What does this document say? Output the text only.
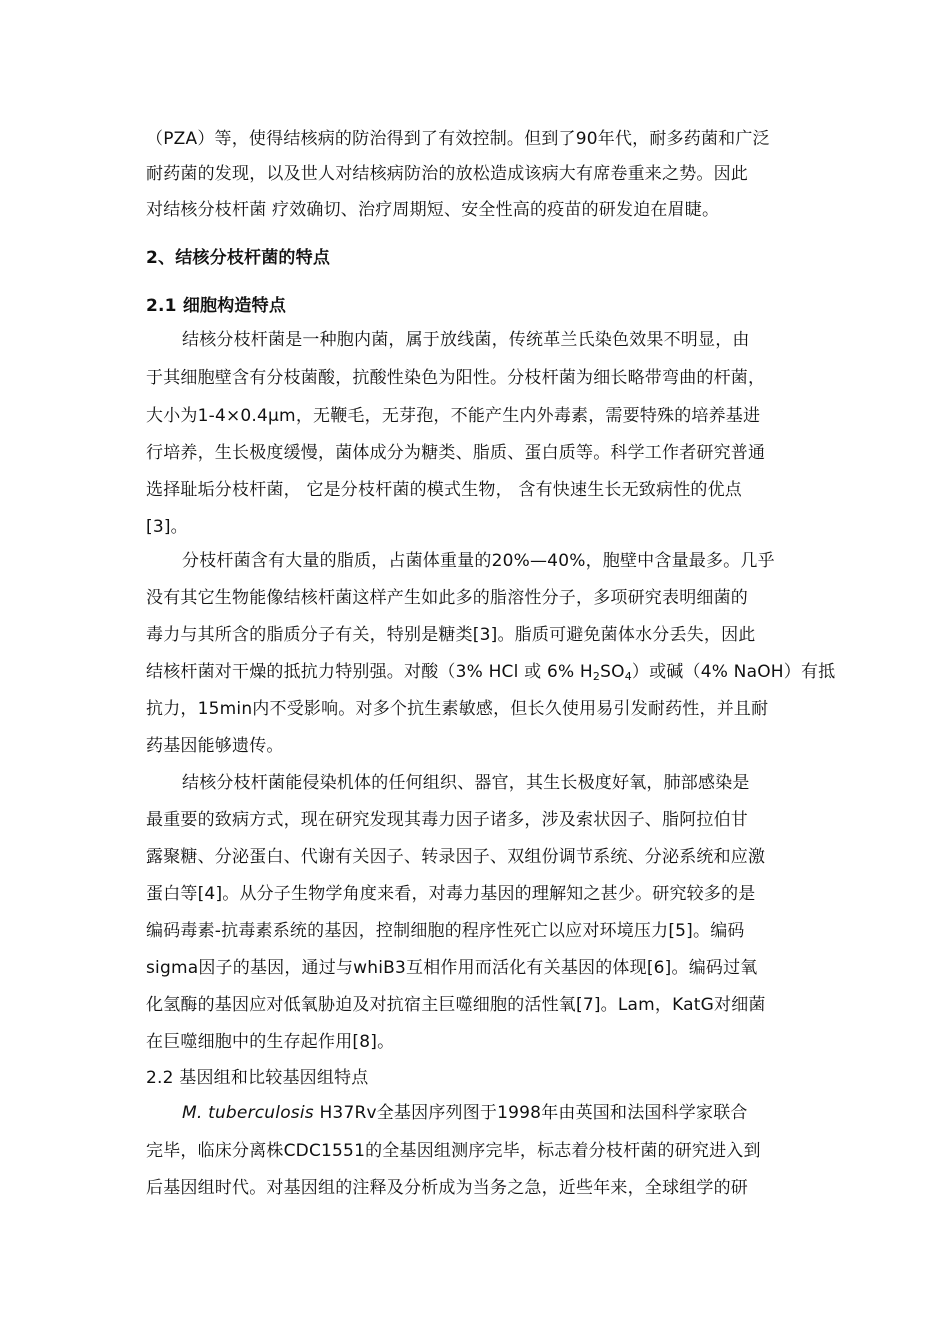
（PZA）等，使得结核病的防治得到了有效控制。但到了90年代，耐多药菌和广泛
耐药菌的发现，以及世人对结核病防治的放松造成该病大有席卷重来之势。因此
对结核分枝杆菌 疗效确切、治疗周期短、安全性高的疫苗的研发迫在眉睫。
2、结核分枝杆菌的特点
2.1 细胞构造特点
结核分枝杆菌是一种胞内菌，属于放线菌，传统革兰氏染色效果不明显，由
于其细胞壁含有分枝菌酸，抗酸性染色为阳性。分枝杆菌为细长略带弯曲的杆菌，
大小为1-4×0.4μm，无鞭毛，无芽孢，不能产生内外毒素，需要特殊的培养基进
行培养，生长极度缓慢，菌体成分为糖类、脂质、蛋白质等。科学工作者研究普通
选择耻垢分枝杆菌， 它是分枝杆菌的模式生物， 含有快速生长无致病性的优点
[3]。
分枝杆菌含有大量的脂质，占菌体重量的20%—40%，胞壁中含量最多。几乎
没有其它生物能像结核杆菌这样产生如此多的脂溶性分子，多项研究表明细菌的
毒力与其所含的脂质分子有关，特别是糖类[3]。脂质可避免菌体水分丢失，因此
结核杆菌对干燥的抵抗力特别强。对酸（3% HCl 或 6% $H_2SO_4$）或碱（4% NaOH）有抵
抗力，15min内不受影响。对多个抗生素敏感，但长久使用易引发耐药性，并且耐
药基因能够遗传。
结核分枝杆菌能侵染机体的任何组织、器官，其生长极度好氧，肺部感染是
最重要的致病方式，现在研究发现其毒力因子诸多，涉及索状因子、脂阿拉伯甘
露聚糖、分泌蛋白、代谢有关因子、转录因子、双组份调节系统、分泌系统和应激
蛋白等[4]。从分子生物学角度来看，对毒力基因的理解知之甚少。研究较多的是
编码毒素-抗毒素系统的基因，控制细胞的程序性死亡以应对环境压力[5]。编码
sigma因子的基因，通过与whiB3互相作用而活化有关基因的体现[6]。编码过氧
化氢酶的基因应对低氧胁迫及对抗宿主巨噬细胞的活性氧[7]。Lam，KatG对细菌
在巨噬细胞中的生存起作用[8]。
2.2 基因组和比较基因组特点
M. tuberculosis H37Rv全基因序列图于1998年由英国和法国科学家联合
完毕，临床分离株CDC1551的全基因组测序完毕，标志着分枝杆菌的研究进入到
后基因组时代。对基因组的注释及分析成为当务之急，近些年来，全球组学的研
